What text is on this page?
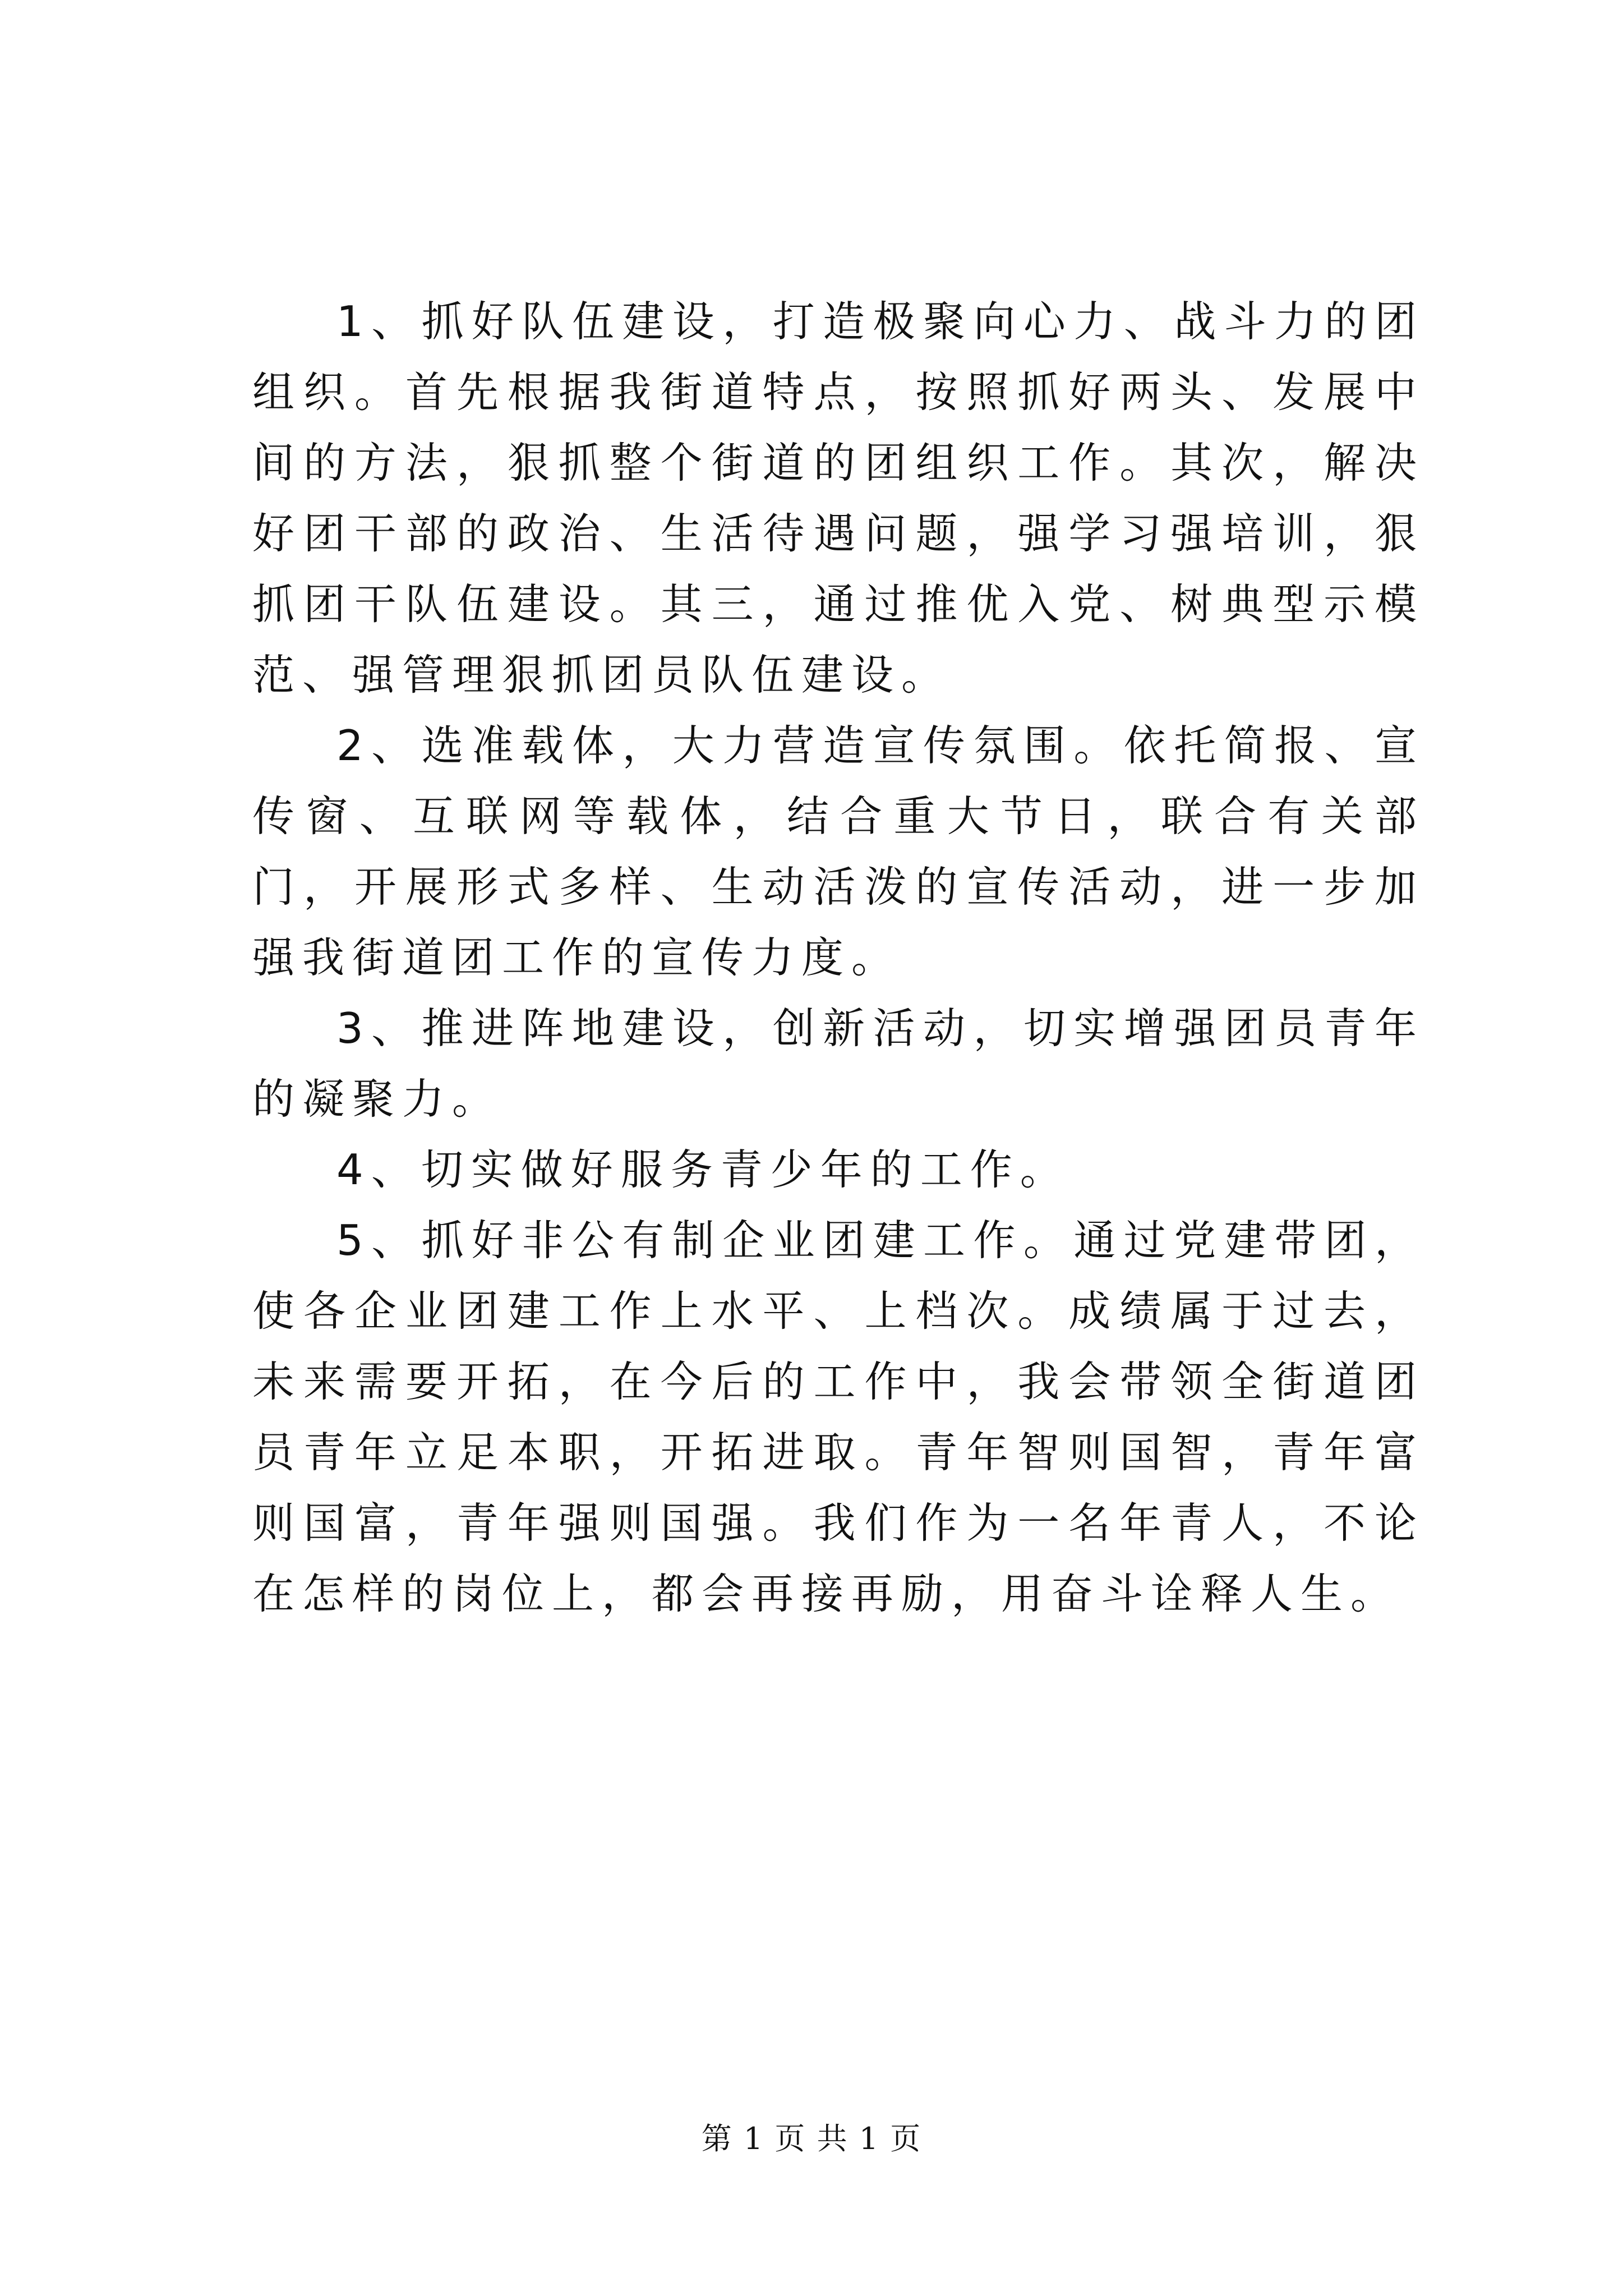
1、抓好队伍建设，打造极聚向心力、战斗力的团组织。首先根据我街道特点，按照抓好两头、发展中间的方法，狠抓整个街道的团组织工作。其次，解决好团干部的政治、生活待遇问题，强学习强培训，狠抓团干队伍建设。其三，通过推优入党、树典型示模范、强管理狠抓团员队伍建设。

2、选准载体，大力营造宣传氛围。依托简报、宣传窗、互联网等载体，结合重大节日，联合有关部门，开展形式多样、生动活泼的宣传活动，进一步加强我街道团工作的宣传力度。

3、推进阵地建设，创新活动，切实增强团员青年的凝聚力。

4、切实做好服务青少年的工作。

5、抓好非公有制企业团建工作。通过党建带团，使各企业团建工作上水平、上档次。成绩属于过去，未来需要开拓，在今后的工作中，我会带领全街道团员青年立足本职，开拓进取。青年智则国智，青年富则国富，青年强则国强。我们作为一名年青人，不论在怎样的岗位上，都会再接再励，用奋斗诠释人生。

第 1 页 共 1 页
